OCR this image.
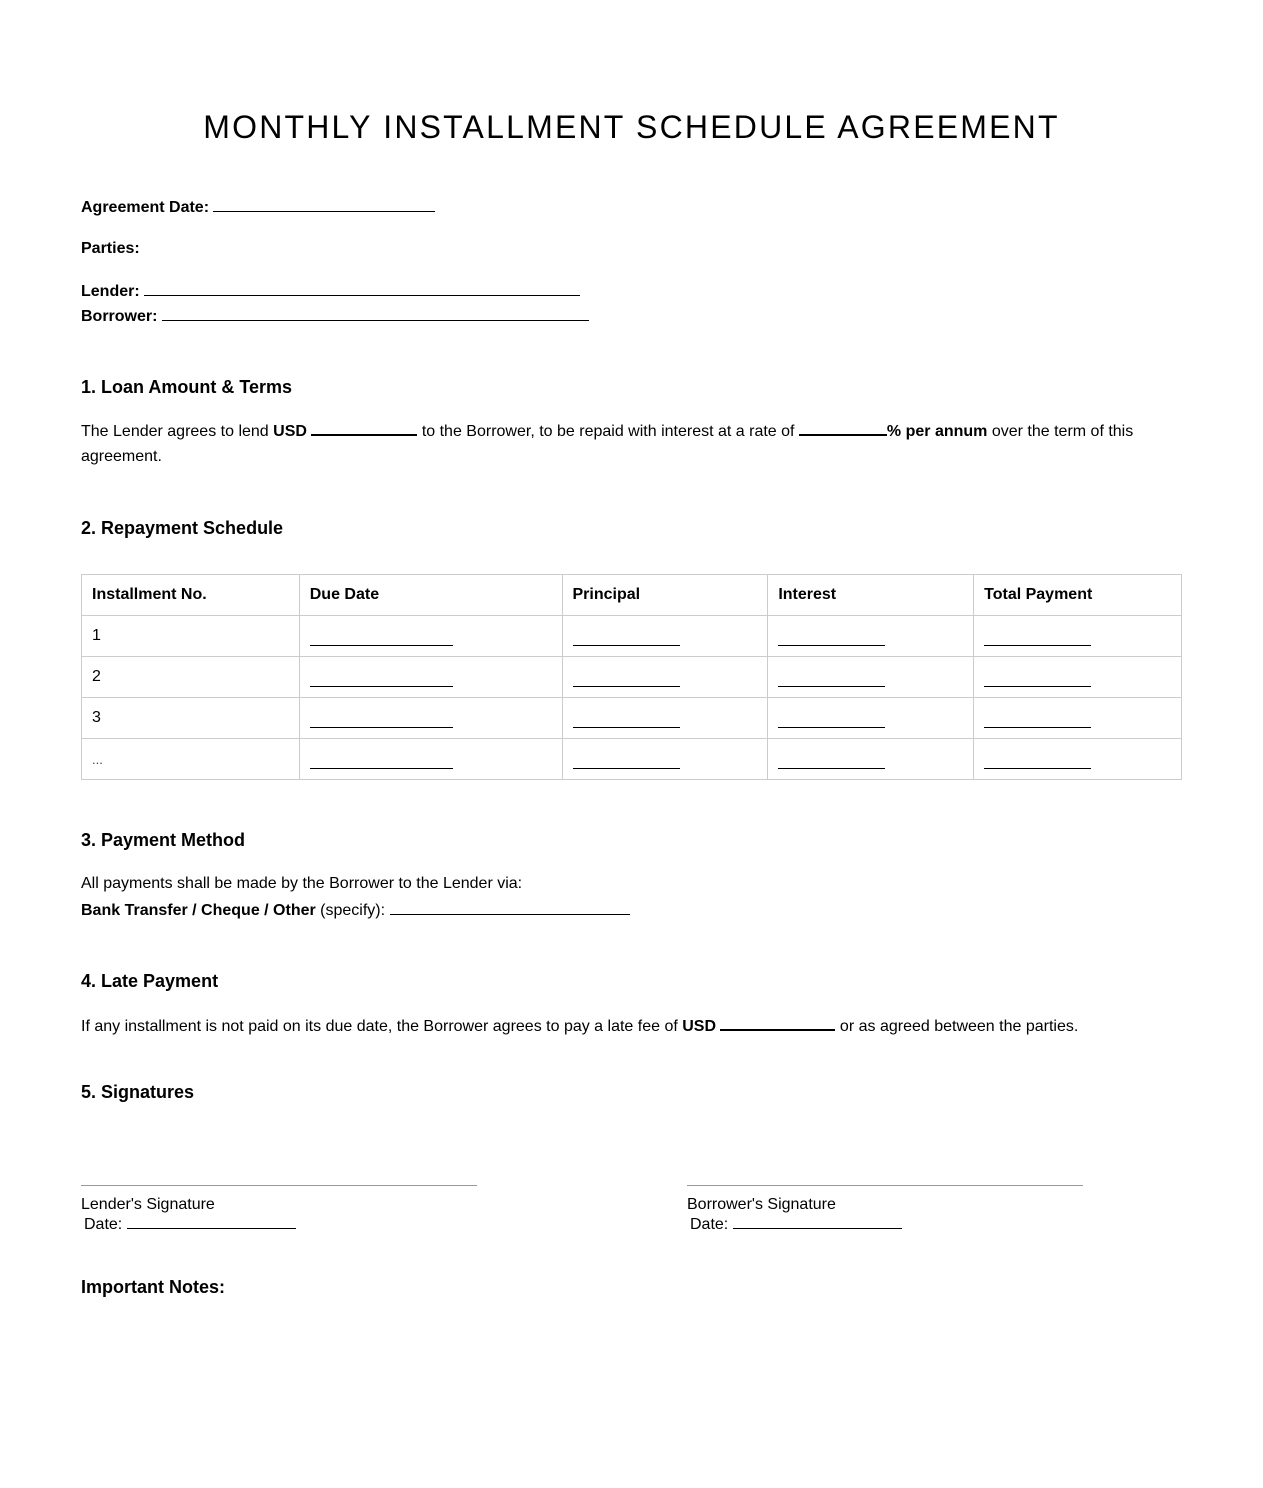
MONTHLY INSTALLMENT SCHEDULE AGREEMENT
Agreement Date:
Parties:
Lender:
Borrower:
1. Loan Amount & Terms

The Lender agrees to lend USD	to the Borrower, to be repaid with interest at a rate of	% per annum over the term of this agreement.

2. Repayment Schedule
Installment No.	Due Date	Principal	Interest	Total Payment
1				
2				
3				
...				
3. Payment Method
All payments shall be made by the Borrower to the Lender via:
Bank Transfer / Cheque / Other (specify):
4. Late Payment
If any installment is not paid on its due date, the Borrower agrees to pay a late fee of USD	or as agreed between the parties.
5. Signatures
Lender's Signature
Date:
Borrower's Signature
Date:
Important Notes:
